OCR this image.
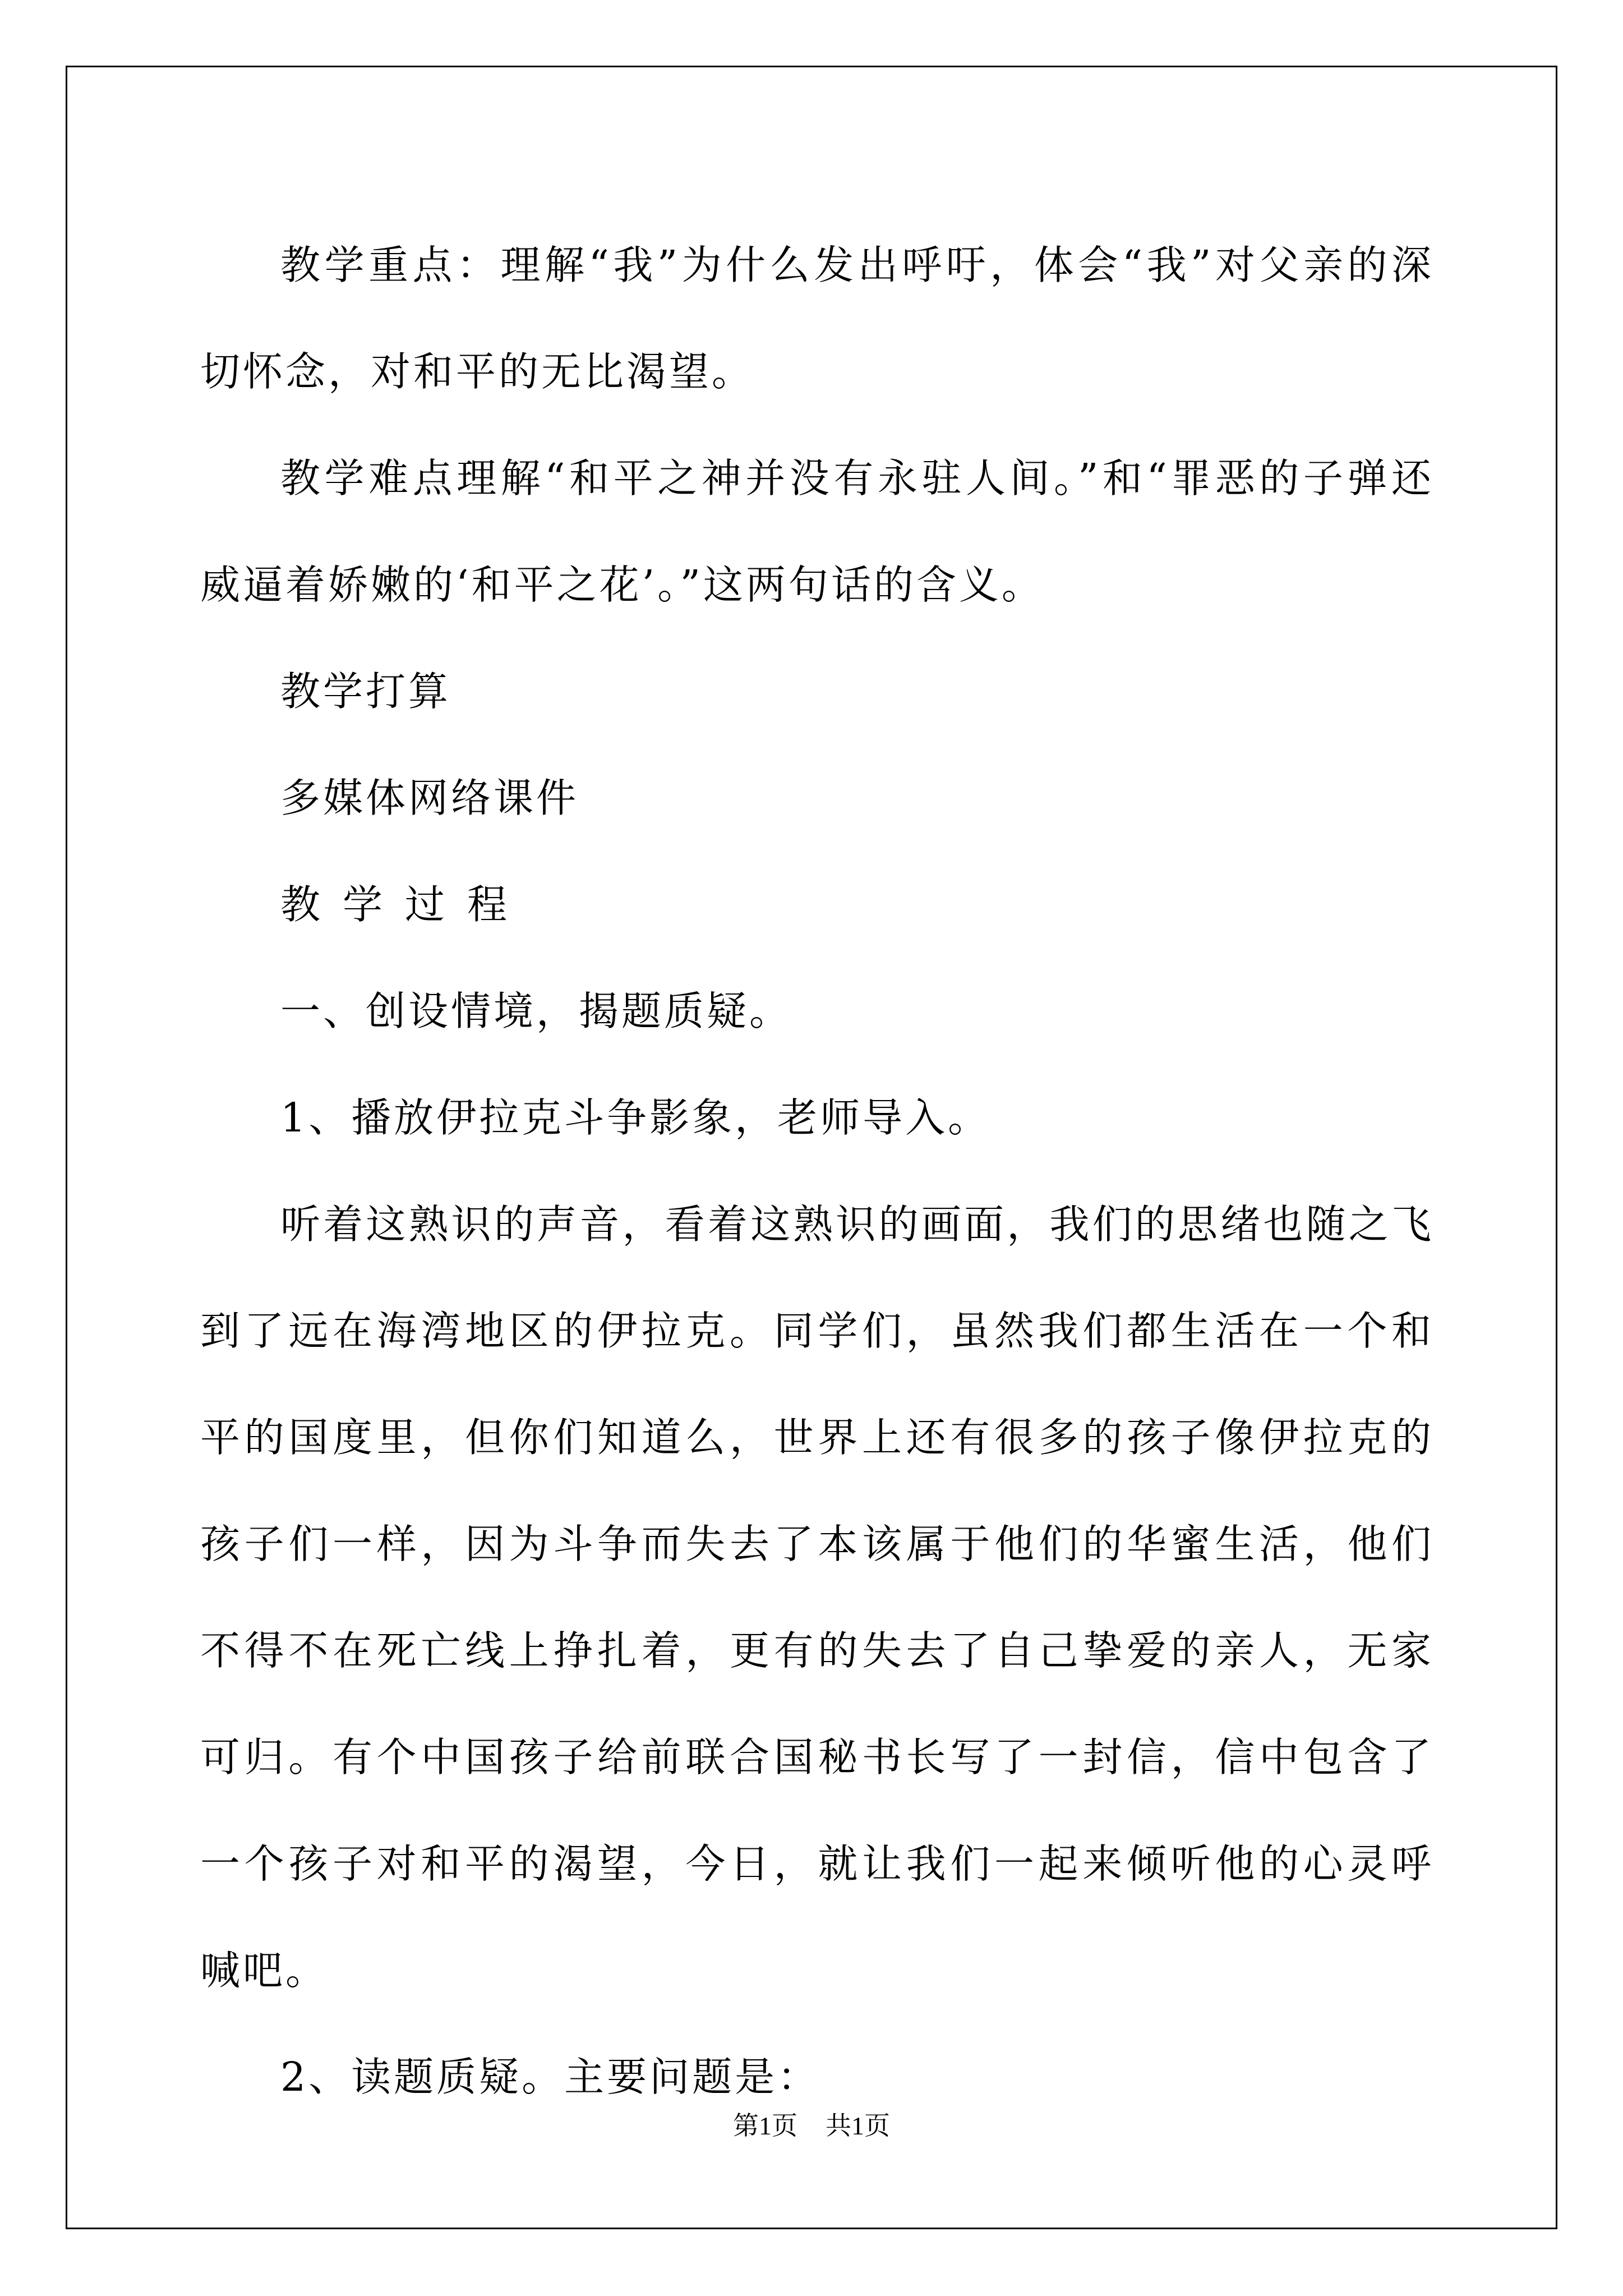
教学重点：理解“我”为什么发出呼吁，体会“我”对父亲的深切怀念，对和平的无比渴望。

教学难点理解“和平之神并没有永驻人间。”和“罪恶的子弹还威逼着娇嫩的‘和平之花’。”这两句话的含义。

教学打算

多媒体网络课件

教学过程

一、创设情境，揭题质疑。

1、播放伊拉克斗争影象，老师导入。

听着这熟识的声音，看着这熟识的画面，我们的思绪也随之飞到了远在海湾地区的伊拉克。同学们，虽然我们都生活在一个和平的国度里，但你们知道么，世界上还有很多的孩子像伊拉克的孩子们一样，因为斗争而失去了本该属于他们的华蜜生活，他们不得不在死亡线上挣扎着，更有的失去了自己挚爱的亲人，无家可归。有个中国孩子给前联合国秘书长写了一封信，信中包含了一个孩子对和平的渴望，今日，就让我们一起来倾听他的心灵呼喊吧。

2、读题质疑。主要问题是：

第1页 共1页
